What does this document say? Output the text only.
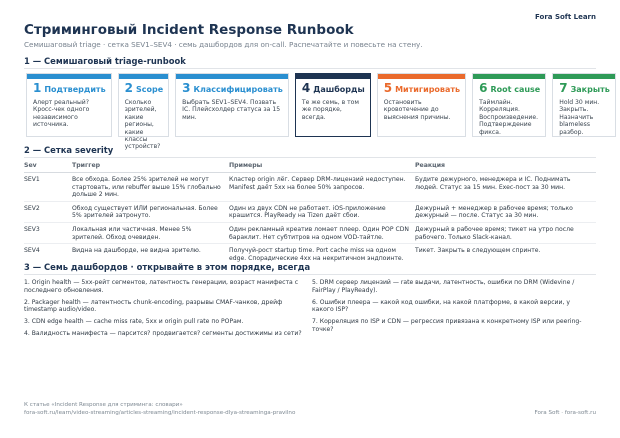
Fora Soft Learn
Стриминговый Incident Response Runbook
Семишаговый triage · сетка SEV1–SEV4 · семь дашбордов для on-call. Распечатайте и повесьте на стену.
1 — Семишаговый triage-runbook
1 Подтвердить
Алерт реальный? Кросс-чек одного независимого источника.
2 Scope
Сколько зрителей, какие регионы, какие классы устройств?
3 Классифицировать
Выбрать SEV1–SEV4. Позвать IC. Плейсхолдер статуса за 15 мин.
4 Дашборды
Те же семь, в том же порядке, всегда.
5 Митигировать
Остановить кровотечение до выяснения причины.
6 Root cause
Таймлайн. Корреляция. Воспроизведение. Подтверждение фикса.
7 Закрыть
Hold 30 мин. Закрыть. Назначить blameless разбор.
2 — Сетка severity
Sev	Триггер	Примеры	Реакция
SEV1	Все обхода. Более 25% зрителей не могут стартовать, или rebuffer выше 15% глобально дольше 2 мин.	Кластер origin лёг. Сервер DRM-лицензий недоступен. Manifest даёт 5xx на более 50% запросов.	Будите дежурного, менеджера и IC. Поднимать людей. Статус за 15 мин. Exec-пост за 30 мин.
SEV2	Обход существует ИЛИ региональная. Более 5% зрителей затронуто.	Один из двух CDN не работает. iOS-приложение крашится. PlayReady на Tizen даёт сбои.	Дежурный + менеджер в рабочее время; только дежурный — после. Статус за 30 мин.
SEV3	Локальная или частичная. Менее 5% зрителей. Обход очевиден.	Один рекламный креатив ломает плеер. Один POP CDN бараклит. Нет субтитров на одном VOD-тайтле.	Дежурный в рабочее время; тикет на утро после рабочего. Только Slack-канал.
SEV4	Видна на дашборде, не видна зрителю.	Получуй-рост startup time. Port cache miss на одном edge. Спорадические 4xx на некритичном эндпоинте.	Тикет. Закрыть в следующем спринте.
3 — Семь дашбордов · открывайте в этом порядке, всегда
1. Origin health — 5xx-рейт сегментов, латентность генерации, возраст манифеста с последнего обновления.
2. Packager health — латентность chunk-encoding, разрывы CMAF-чанков, дрейф timestamp audio/video.
3. CDN edge health — cache miss rate, 5xx и origin pull rate по POPам.
4. Валидность манифеста — парсится? продвигается? сегменты достижимы из сети?
5. DRM сервер лицензий — rate выдачи, латентность, ошибки по DRM (Widevine / FairPlay / PlayReady).
6. Ошибки плеера — какой код ошибки, на какой платформе, в какой версии, у какого ISP?
7. Корреляция по ISP и CDN — регрессия привязана к конкретному ISP или peering-точке?
К статье «Incident Response для стриминга: словари»
fora-soft.ru/learn/video-streaming/articles-streaming/incident-response-dlya-streaminga-pravilno	Fora Soft · fora-soft.ru
